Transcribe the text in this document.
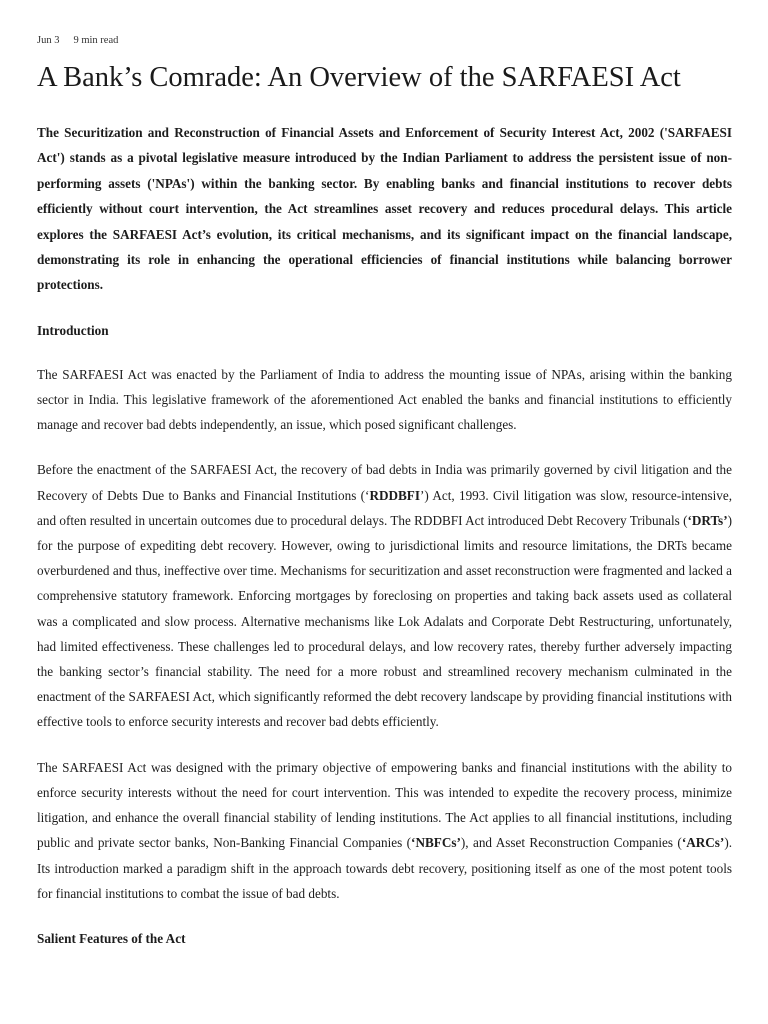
Jun 3 9 min read
A Bank’s Comrade: An Overview of the SARFAESI Act

The Securitization and Reconstruction of Financial Assets and Enforcement of Security Interest Act, 2002 ('SARFAESI Act') stands as a pivotal legislative measure introduced by the Indian Parliament to address the persistent issue of non-performing assets ('NPAs') within the banking sector. By enabling banks and financial institutions to recover debts efficiently without court intervention, the Act streamlines asset recovery and reduces procedural delays. This article explores the SARFAESI Act’s evolution, its critical mechanisms, and its significant impact on the financial landscape, demonstrating its role in enhancing the operational efficiencies of financial institutions while balancing borrower protections.

Introduction

The SARFAESI Act was enacted by the Parliament of India to address the mounting issue of NPAs, arising within the banking sector in India. This legislative framework of the aforementioned Act enabled the banks and financial institutions to efficiently manage and recover bad debts independently, an issue, which posed significant challenges.

Before the enactment of the SARFAESI Act, the recovery of bad debts in India was primarily governed by civil litigation and the Recovery of Debts Due to Banks and Financial Institutions (‘RDDBFI’) Act, 1993. Civil litigation was slow, resource-intensive, and often resulted in uncertain outcomes due to procedural delays. The RDDBFI Act introduced Debt Recovery Tribunals (‘DRTs’) for the purpose of expediting debt recovery. However, owing to jurisdictional limits and resource limitations, the DRTs became overburdened and thus, ineffective over time. Mechanisms for securitization and asset reconstruction were fragmented and lacked a comprehensive statutory framework. Enforcing mortgages by foreclosing on properties and taking back assets used as collateral was a complicated and slow process. Alternative mechanisms like Lok Adalats and Corporate Debt Restructuring, unfortunately, had limited effectiveness. These challenges led to procedural delays, and low recovery rates, thereby further adversely impacting the banking sector’s financial stability. The need for a more robust and streamlined recovery mechanism culminated in the enactment of the SARFAESI Act, which significantly reformed the debt recovery landscape by providing financial institutions with effective tools to enforce security interests and recover bad debts efficiently.

The SARFAESI Act was designed with the primary objective of empowering banks and financial institutions with the ability to enforce security interests without the need for court intervention. This was intended to expedite the recovery process, minimize litigation, and enhance the overall financial stability of lending institutions. The Act applies to all financial institutions, including public and private sector banks, Non-Banking Financial Companies (‘NBFCs’), and Asset Reconstruction Companies (‘ARCs’). Its introduction marked a paradigm shift in the approach towards debt recovery, positioning itself as one of the most potent tools for financial institutions to combat the issue of bad debts.

Salient Features of the Act
